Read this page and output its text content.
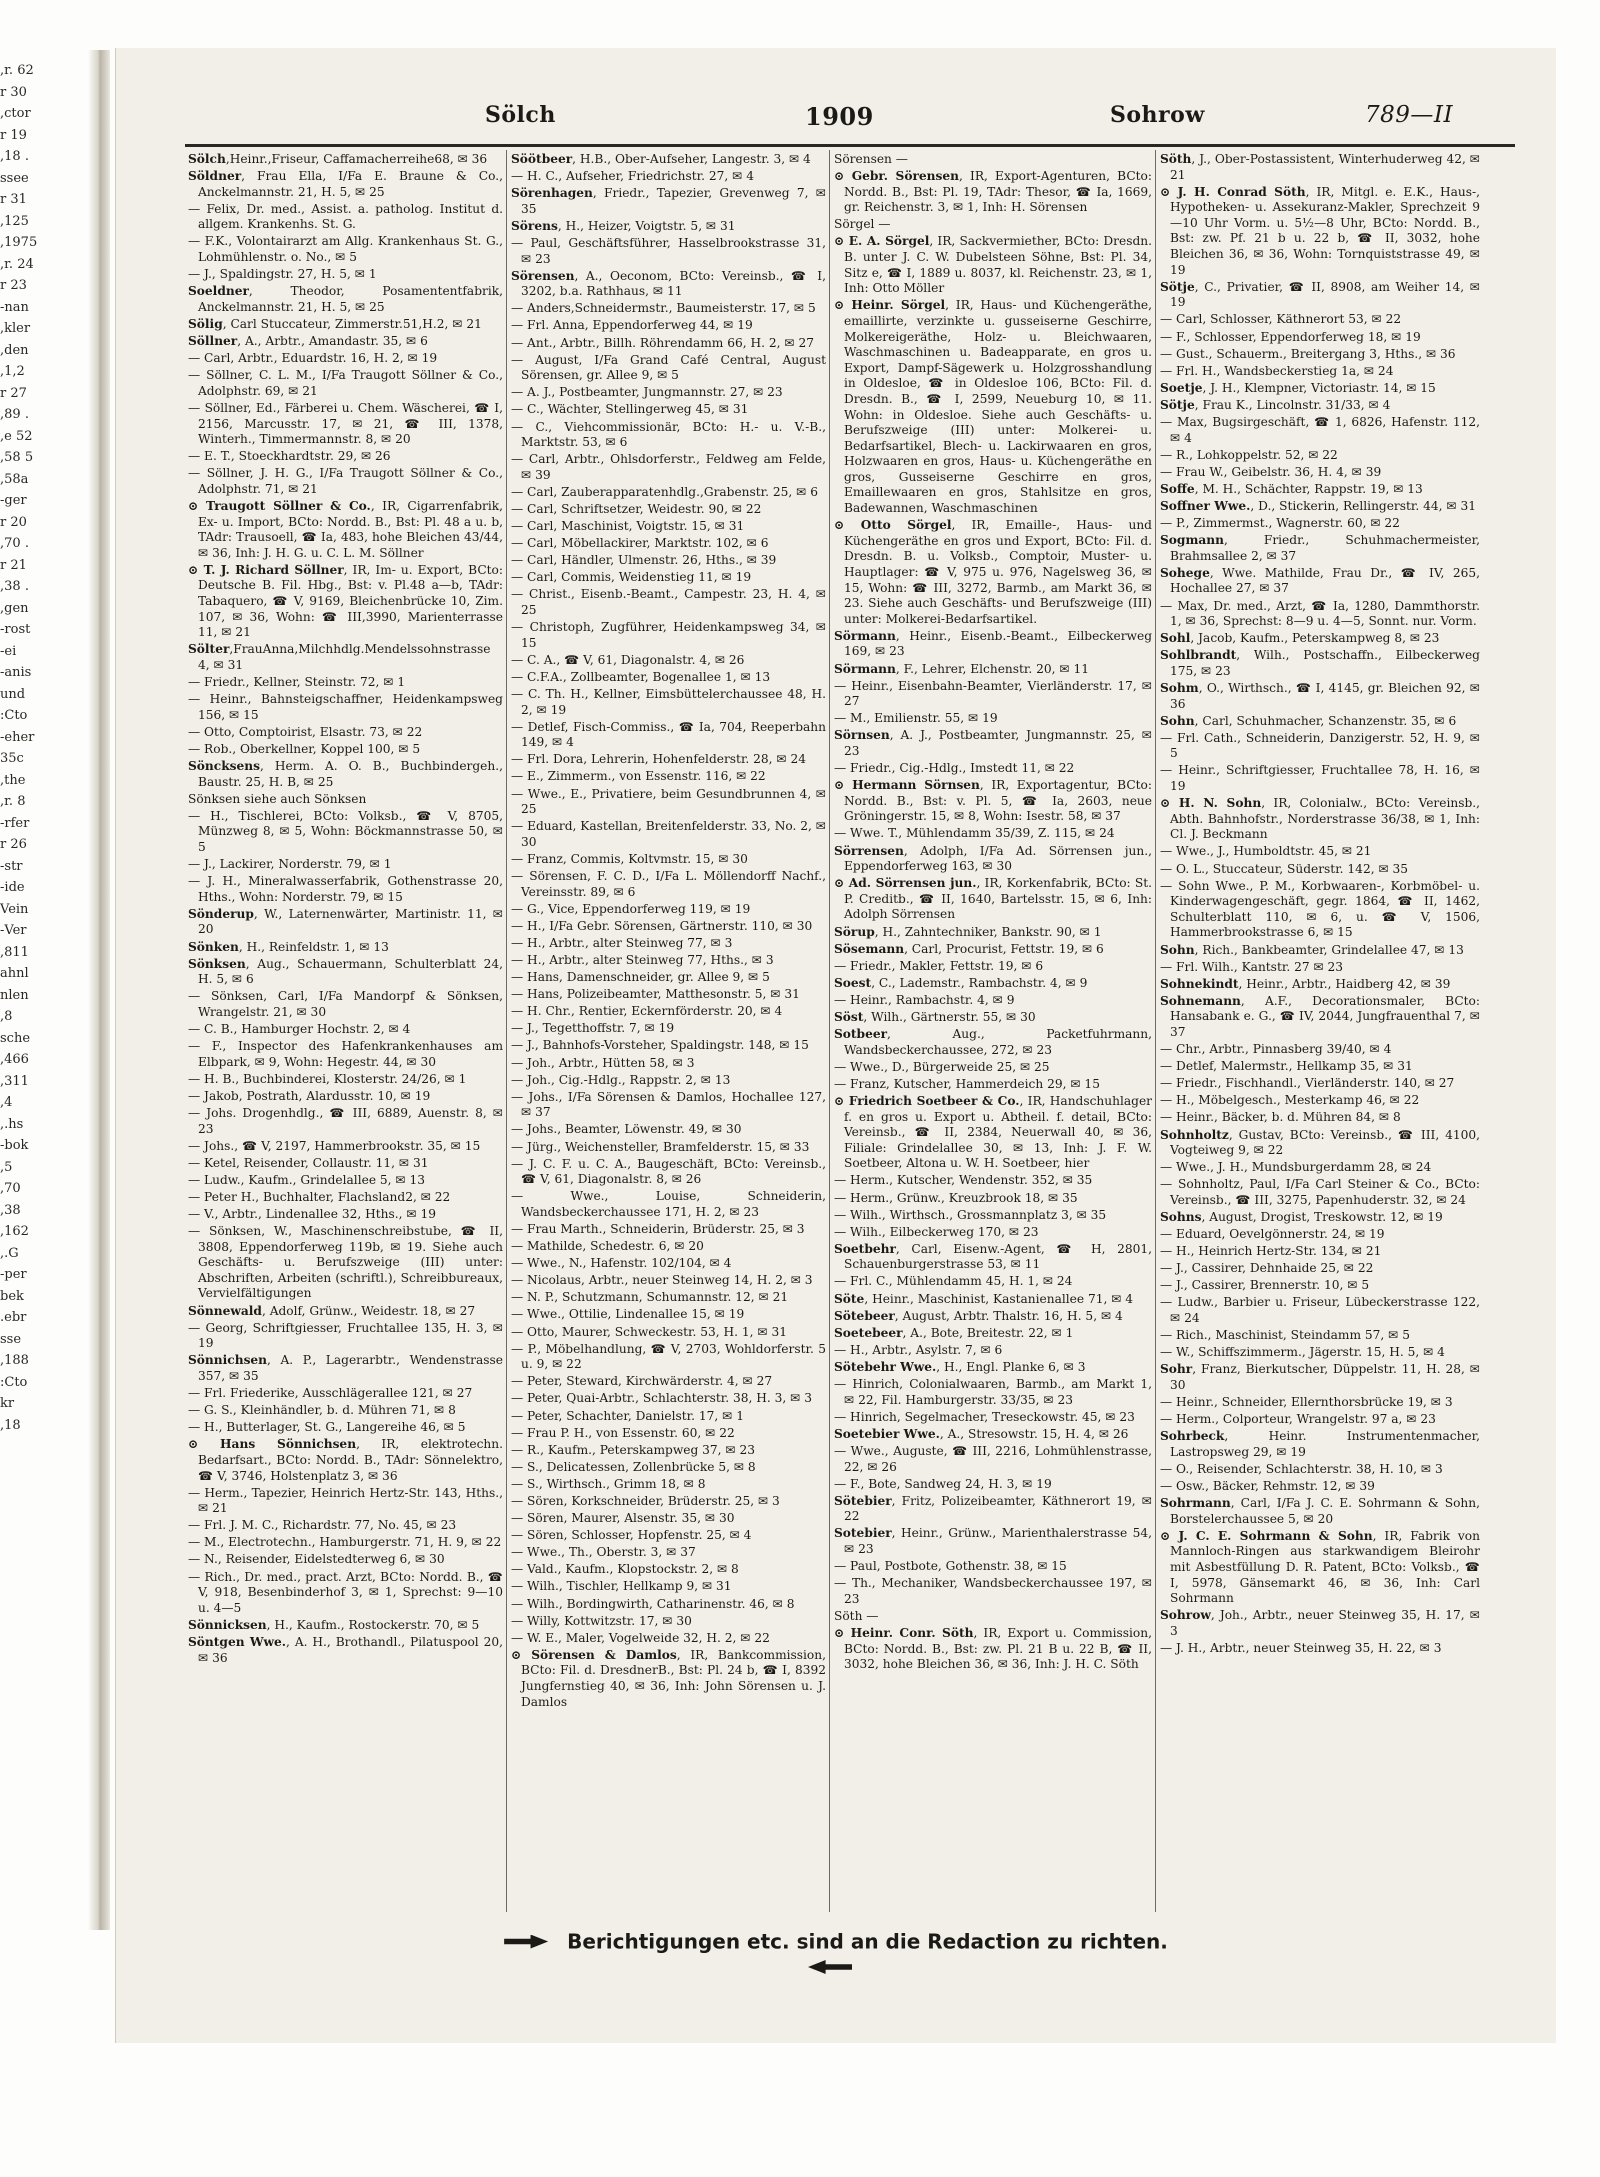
r. 62,
r 30
ctor,
r 19
. 18,
ssee
r 31
125,
1975,
r. 24,
r 23
nan-
kler,
den,
1,2,
r 27
. 89,
e 52,
5 58,
58a,
ger-
r 20
. 70,
r 21
. 38,
gen,
rost-
ei-
anis-
und
Cto:
eher-
35c
the,
r. 8,
rfer-
r 26
str-
ide-
Vein
Ver-
811,
ahnl
nlen
8,
sche
466,
311,
4,
hs.,
bok-
5,
70,
38,
162,
G.,
per-
bek
ebr.
sse
188,
Cto:
kr
18,
Sölch	1909	Sohrow	789—II
Sölch,Heinr.,Friseur, Caffamacherreihe68, ✉ 36
Söldner, Frau Ella, I/Fa E. Braune & Co., Anckelmannstr. 21, H. 5, ✉ 25
— Felix, Dr. med., Assist. a. patholog. Institut d. allgem. Krankenhs. St. G.
— F.K., Volontairarzt am Allg. Krankenhaus St. G., Lohmühlenstr. o. No., ✉ 5
— J., Spaldingstr. 27, H. 5, ✉ 1
Soeldner, Theodor, Posamententfabrik, Anckelmannstr. 21, H. 5, ✉ 25
Sölig, Carl Stuccateur, Zimmerstr.51,H.2, ✉ 21
Söllner, A., Arbtr., Amandastr. 35, ✉ 6
— Carl, Arbtr., Eduardstr. 16, H. 2, ✉ 19
— Söllner, C. L. M., I/Fa Traugott Söllner & Co., Adolphstr. 69, ✉ 21
— Söllner, Ed., Färberei u. Chem. Wäscherei, ☎ I, 2156, Marcusstr. 17, ✉ 21, ☎ III, 1378, Winterh., Timmermannstr. 8, ✉ 20
— E. T., Stoeckhardtstr. 29, ✉ 26
— Söllner, J. H. G., I/Fa Traugott Söllner & Co., Adolphstr. 71, ✉ 21
⊙ Traugott Söllner & Co., IR, Cigarrenfabrik, Ex- u. Import, BCto: Nordd. B., Bst: Pl. 48 a u. b, TAdr: Trausoell, ☎ Ia, 483, hohe Bleichen 43/44, ✉ 36, Inh: J. H. G. u. C. L. M. Söllner
⊙ T. J. Richard Söllner, IR, Im- u. Export, BCto: Deutsche B. Fil. Hbg., Bst: v. Pl.48 a—b, TAdr: Tabaquero, ☎ V, 9169, Bleichenbrücke 10, Zim. 107, ✉ 36, Wohn: ☎ III,3990, Marienterrasse 11, ✉ 21
Sölter,FrauAnna,Milchhdlg.Mendelssohnstrasse 4, ✉ 31
— Friedr., Kellner, Steinstr. 72, ✉ 1
— Heinr., Bahnsteigschaffner, Heidenkampsweg 156, ✉ 15
— Otto, Comptoirist, Elsastr. 73, ✉ 22
— Rob., Oberkellner, Koppel 100, ✉ 5
Söncksens, Herm. A. O. B., Buchbindergeh., Baustr. 25, H. B, ✉ 25
Sönksen siehe auch Sönksen
— H., Tischlerei, BCto: Volksb., ☎ V, 8705, Münzweg 8, ✉ 5, Wohn: Böckmannstrasse 50, ✉ 5
— J., Lackirer, Norderstr. 79, ✉ 1
— J. H., Mineralwasserfabrik, Gothenstrasse 20, Hths., Wohn: Norderstr. 79, ✉ 15
Sönderup, W., Laternenwärter, Martinistr. 11, ✉ 20
Sönken, H., Reinfeldstr. 1, ✉ 13
Sönksen, Aug., Schauermann, Schulterblatt 24, H. 5, ✉ 6
— Sönksen, Carl, I/Fa Mandorpf & Sönksen, Wrangelstr. 21, ✉ 30
— C. B., Hamburger Hochstr. 2, ✉ 4
— F., Inspector des Hafenkrankenhauses am Elbpark, ✉ 9, Wohn: Hegestr. 44, ✉ 30
— H. B., Buchbinderei, Klosterstr. 24/26, ✉ 1
— Jakob, Postrath, Alardusstr. 10, ✉ 19
— Johs. Drogenhdlg., ☎ III, 6889, Auenstr. 8, ✉ 23
— Johs., ☎ V, 2197, Hammerbrookstr. 35, ✉ 15
— Ketel, Reisender, Collaustr. 11, ✉ 31
— Ludw., Kaufm., Grindelallee 5, ✉ 13
— Peter H., Buchhalter, Flachsland2, ✉ 22
— V., Arbtr., Lindenallee 32, Hths., ✉ 19
— Sönksen, W., Maschinenschreibstube, ☎ II, 3808, Eppendorferweg 119b, ✉ 19. Siehe auch Geschäfts- u. Berufszweige (III) unter: Abschriften, Arbeiten (schriftl.), Schreibbureaux, Vervielfältigungen
Sönnewald, Adolf, Grünw., Weidestr. 18, ✉ 27
— Georg, Schriftgiesser, Fruchtallee 135, H. 3, ✉ 19
Sönnichsen, A. P., Lagerarbtr., Wendenstrasse 357, ✉ 35
— Frl. Friederike, Ausschlägerallee 121, ✉ 27
— G. S., Kleinhändler, b. d. Mühren 71, ✉ 8
— H., Butterlager, St. G., Langereihe 46, ✉ 5
⊙ Hans Sönnichsen, IR, elektrotechn. Bedarfsart., BCto: Nordd. B., TAdr: Sönnelektro, ☎ V, 3746, Holstenplatz 3, ✉ 36
— Herm., Tapezier, Heinrich Hertz-Str. 143, Hths., ✉ 21
— Frl. J. M. C., Richardstr. 77, No. 45, ✉ 23
— M., Electrotechn., Hamburgerstr. 71, H. 9, ✉ 22
— N., Reisender, Eidelstedterweg 6, ✉ 30
— Rich., Dr. med., pract. Arzt, BCto: Nordd. B., ☎ V, 918, Besenbinderhof 3, ✉ 1, Sprechst: 9—10 u. 4—5
Sönnicksen, H., Kaufm., Rostockerstr. 70, ✉ 5
Söntgen Wwe., A. H., Brothandl., Pilatuspool 20, ✉ 36
Söötbeer, H.B., Ober-Aufseher, Langestr. 3, ✉ 4
— H. C., Aufseher, Friedrichstr. 27, ✉ 4
Sörenhagen, Friedr., Tapezier, Grevenweg 7, ✉ 35
Sörens, H., Heizer, Voigtstr. 5, ✉ 31
— Paul, Geschäftsführer, Hasselbrookstrasse 31, ✉ 23
Sörensen, A., Oeconom, BCto: Vereinsb., ☎ I, 3202, b.a. Rathhaus, ✉ 11
— Anders,Schneidermstr., Baumeisterstr. 17, ✉ 5
— Frl. Anna, Eppendorferweg 44, ✉ 19
— Ant., Arbtr., Billh. Röhrendamm 66, H. 2, ✉ 27
— August, I/Fa Grand Café Central, August Sörensen, gr. Allee 9, ✉ 5
— A. J., Postbeamter, Jungmannstr. 27, ✉ 23
— C., Wächter, Stellingerweg 45, ✉ 31
— C., Viehcommissionär, BCto: H.- u. V.-B., Marktstr. 53, ✉ 6
— Carl, Arbtr., Ohlsdorferstr., Feldweg am Felde, ✉ 39
— Carl, Zauberapparatenhdlg.,Grabenstr. 25, ✉ 6
— Carl, Schriftsetzer, Weidestr. 90, ✉ 22
— Carl, Maschinist, Voigtstr. 15, ✉ 31
— Carl, Möbellackirer, Marktstr. 102, ✉ 6
— Carl, Händler, Ulmenstr. 26, Hths., ✉ 39
— Carl, Commis, Weidenstieg 11, ✉ 19
— Christ., Eisenb.-Beamt., Campestr. 23, H. 4, ✉ 25
— Christoph, Zugführer, Heidenkampsweg 34, ✉ 15
— C. A., ☎ V, 61, Diagonalstr. 4, ✉ 26
— C.F.A., Zollbeamter, Bogenallee 1, ✉ 13
— C. Th. H., Kellner, Eimsbüttelerchaussee 48, H. 2, ✉ 19
— Detlef, Fisch-Commiss., ☎ Ia, 704, Reeperbahn 149, ✉ 4
— Frl. Dora, Lehrerin, Hohenfelderstr. 28, ✉ 24
— E., Zimmerm., von Essenstr. 116, ✉ 22
— Wwe., E., Privatiere, beim Gesundbrunnen 4, ✉ 25
— Eduard, Kastellan, Breitenfelderstr. 33, No. 2, ✉ 30
— Franz, Commis, Koltvmstr. 15, ✉ 30
— Sörensen, F. C. D., I/Fa L. Möllendorff Nachf., Vereinsstr. 89, ✉ 6
— G., Vice, Eppendorferweg 119, ✉ 19
— H., I/Fa Gebr. Sörensen, Gärtnerstr. 110, ✉ 30
— H., Arbtr., alter Steinweg 77, ✉ 3
— H., Arbtr., alter Steinweg 77, Hths., ✉ 3
— Hans, Damenschneider, gr. Allee 9, ✉ 5
— Hans, Polizeibeamter, Matthesonstr. 5, ✉ 31
— H. Chr., Rentier, Eckernförderstr. 20, ✉ 4
— J., Tegetthoffstr. 7, ✉ 19
— J., Bahnhofs-Vorsteher, Spaldingstr. 148, ✉ 15
— Joh., Arbtr., Hütten 58, ✉ 3
— Joh., Cig.-Hdlg., Rappstr. 2, ✉ 13
— Johs., I/Fa Sörensen & Damlos, Hochallee 127, ✉ 37
— Johs., Beamter, Löwenstr. 49, ✉ 30
— Jürg., Weichensteller, Bramfelderstr. 15, ✉ 33
— J. C. F. u. C. A., Baugeschäft, BCto: Vereinsb., ☎ V, 61, Diagonalstr. 8, ✉ 26
— Wwe., Louise, Schneiderin, Wandsbeckerchaussee 171, H. 2, ✉ 23
— Frau Marth., Schneiderin, Brüderstr. 25, ✉ 3
— Mathilde, Schedestr. 6, ✉ 20
— Wwe., N., Hafenstr. 102/104, ✉ 4
— Nicolaus, Arbtr., neuer Steinweg 14, H. 2, ✉ 3
— N. P., Schutzmann, Schumannstr. 12, ✉ 21
— Wwe., Ottilie, Lindenallee 15, ✉ 19
— Otto, Maurer, Schweckestr. 53, H. 1, ✉ 31
— P., Möbelhandlung, ☎ V, 2703, Wohldorferstr. 5 u. 9, ✉ 22
— Peter, Steward, Kirchwärderstr. 4, ✉ 27
— Peter, Quai-Arbtr., Schlachterstr. 38, H. 3, ✉ 3
— Peter, Schachter, Danielstr. 17, ✉ 1
— Frau P. H., von Essenstr. 60, ✉ 22
— R., Kaufm., Peterskampweg 37, ✉ 23
— S., Delicatessen, Zollenbrücke 5, ✉ 8
— S., Wirthsch., Grimm 18, ✉ 8
— Sören, Korkschneider, Brüderstr. 25, ✉ 3
— Sören, Maurer, Alsenstr. 35, ✉ 30
— Sören, Schlosser, Hopfenstr. 25, ✉ 4
— Wwe., Th., Oberstr. 3, ✉ 37
— Vald., Kaufm., Klopstockstr. 2, ✉ 8
— Wilh., Tischler, Hellkamp 9, ✉ 31
— Wilh., Bordingwirth, Catharinenstr. 46, ✉ 8
— Willy, Kottwitzstr. 17, ✉ 30
— W. E., Maler, Vogelweide 32, H. 2, ✉ 22
⊙ Sörensen & Damlos, IR, Bankcommission, BCto: Fil. d. DresdnerB., Bst: Pl. 24 b, ☎ I, 8392 Jungfernstieg 40, ✉ 36, Inh: John Sörensen u. J. Damlos
Sörensen —
⊙ Gebr. Sörensen, IR, Export-Agenturen, BCto: Nordd. B., Bst: Pl. 19, TAdr: Thesor, ☎ Ia, 1669, gr. Reichenstr. 3, ✉ 1, Inh: H. Sörensen
Sörgel —
⊙ E. A. Sörgel, IR, Sackvermiether, BCto: Dresdn. B. unter J. C. W. Dubelsteen Söhne, Bst: Pl. 34, Sitz e, ☎ I, 1889 u. 8037, kl. Reichenstr. 23, ✉ 1, Inh: Otto Möller
⊙ Heinr. Sörgel, IR, Haus- und Küchengeräthe, emaillirte, verzinkte u. gusseiserne Geschirre, Molkereigeräthe, Holz- u. Bleichwaaren, Waschmaschinen u. Badeapparate, en gros u. Export, Dampf-Sägewerk u. Holzgrosshandlung in Oldesloe, ☎ in Oldesloe 106, BCto: Fil. d. Dresdn. B., ☎ I, 2599, Neueburg 10, ✉ 11. Wohn: in Oldesloe. Siehe auch Geschäfts- u. Berufszweige (III) unter: Molkerei- u. Bedarfsartikel, Blech- u. Lackirwaaren en gros, Holzwaaren en gros, Haus- u. Küchengeräthe en gros, Gusseiserne Geschirre en gros, Emaillewaaren en gros, Stahlsitze en gros, Badewannen, Waschmaschinen
⊙ Otto Sörgel, IR, Emaille-, Haus- und Küchengeräthe en gros und Export, BCto: Fil. d. Dresdn. B. u. Volksb., Comptoir, Muster- u. Hauptlager: ☎ V, 975 u. 976, Nagelsweg 36, ✉ 15, Wohn: ☎ III, 3272, Barmb., am Markt 36, ✉ 23. Siehe auch Geschäfts- und Berufszweige (III) unter: Molkerei-Bedarfsartikel.
Sörmann, Heinr., Eisenb.-Beamt., Eilbeckerweg 169, ✉ 23
Sörmann, F., Lehrer, Elchenstr. 20, ✉ 11
— Heinr., Eisenbahn-Beamter, Vierländerstr. 17, ✉ 27
— M., Emilienstr. 55, ✉ 19
Sörnsen, A. J., Postbeamter, Jungmannstr. 25, ✉ 23
— Friedr., Cig.-Hdlg., Imstedt 11, ✉ 22
⊙ Hermann Sörnsen, IR, Exportagentur, BCto: Nordd. B., Bst: v. Pl. 5, ☎ Ia, 2603, neue Gröningerstr. 15, ✉ 8, Wohn: Isestr. 58, ✉ 37
— Wwe. T., Mühlendamm 35/39, Z. 115, ✉ 24
Sörrensen, Adolph, I/Fa Ad. Sörrensen jun., Eppendorferweg 163, ✉ 30
⊙ Ad. Sörrensen jun., IR, Korkenfabrik, BCto: St. P. Creditb., ☎ II, 1640, Bartelsstr. 15, ✉ 6, Inh: Adolph Sörrensen
Sörup, H., Zahntechniker, Bankstr. 90, ✉ 1
Sösemann, Carl, Procurist, Fettstr. 19, ✉ 6
— Friedr., Makler, Fettstr. 19, ✉ 6
Soest, C., Lademstr., Rambachstr. 4, ✉ 9
— Heinr., Rambachstr. 4, ✉ 9
Söst, Wilh., Gärtnerstr. 55, ✉ 30
Sotbeer, Aug., Packetfuhrmann, Wandsbeckerchaussee, 272, ✉ 23
— Wwe., D., Bürgerweide 25, ✉ 25
— Franz, Kutscher, Hammerdeich 29, ✉ 15
⊙ Friedrich Soetbeer & Co., IR, Handschuhlager f. en gros u. Export u. Abtheil. f. detail, BCto: Vereinsb., ☎ II, 2384, Neuerwall 40, ✉ 36, Filiale: Grindelallee 30, ✉ 13, Inh: J. F. W. Soetbeer, Altona u. W. H. Soetbeer, hier
— Herm., Kutscher, Wendenstr. 352, ✉ 35
— Herm., Grünw., Kreuzbrook 18, ✉ 35
— Wilh., Wirthsch., Grossmannplatz 3, ✉ 35
— Wilh., Eilbeckerweg 170, ✉ 23
Soetbehr, Carl, Eisenw.-Agent, ☎ H, 2801, Schauenburgerstrasse 53, ✉ 11
— Frl. C., Mühlendamm 45, H. 1, ✉ 24
Söte, Heinr., Maschinist, Kastanienallee 71, ✉ 4
Sötebeer, August, Arbtr. Thalstr. 16, H. 5, ✉ 4
Soetebeer, A., Bote, Breitestr. 22, ✉ 1
— H., Arbtr., Asylstr. 7, ✉ 6
Sötebehr Wwe., H., Engl. Planke 6, ✉ 3
— Hinrich, Colonialwaaren, Barmb., am Markt 1, ✉ 22, Fil. Hamburgerstr. 33/35, ✉ 23
— Hinrich, Segelmacher, Treseckowstr. 45, ✉ 23
Soetebier Wwe., A., Stresowstr. 15, H. 4, ✉ 26
— Wwe., Auguste, ☎ III, 2216, Lohmühlenstrasse, 22, ✉ 26
— F., Bote, Sandweg 24, H. 3, ✉ 19
Sötebier, Fritz, Polizeibeamter, Käthnerort 19, ✉ 22
Sotebier, Heinr., Grünw., Marienthalerstrasse 54, ✉ 23
— Paul, Postbote, Gothenstr. 38, ✉ 15
— Th., Mechaniker, Wandsbeckerchaussee 197, ✉ 23
Söth —
⊙ Heinr. Conr. Söth, IR, Export u. Commission, BCto: Nordd. B., Bst: zw. Pl. 21 B u. 22 B, ☎ II, 3032, hohe Bleichen 36, ✉ 36, Inh: J. H. C. Söth
Söth, J., Ober-Postassistent, Winterhuderweg 42, ✉ 21
⊙ J. H. Conrad Söth, IR, Mitgl. e. E.K., Haus-, Hypotheken- u. Assekuranz-Makler, Sprechzeit 9—10 Uhr Vorm. u. 5½—8 Uhr, BCto: Nordd. B., Bst: zw. Pf. 21 b u. 22 b, ☎ II, 3032, hohe Bleichen 36, ✉ 36, Wohn: Tornquiststrasse 49, ✉ 19
Sötje, C., Privatier, ☎ II, 8908, am Weiher 14, ✉ 19
— Carl, Schlosser, Käthnerort 53, ✉ 22
— F., Schlosser, Eppendorferweg 18, ✉ 19
— Gust., Schauerm., Breitergang 3, Hths., ✉ 36
— Frl. H., Wandsbeckerstieg 1a, ✉ 24
Soetje, J. H., Klempner, Victoriastr. 14, ✉ 15
Sötje, Frau K., Lincolnstr. 31/33, ✉ 4
— Max, Bugsirgeschäft, ☎ 1, 6826, Hafenstr. 112, ✉ 4
— R., Lohkoppelstr. 52, ✉ 22
— Frau W., Geibelstr. 36, H. 4, ✉ 39
Soffe, M. H., Schächter, Rappstr. 19, ✉ 13
Soffner Wwe., D., Stickerin, Rellingerstr. 44, ✉ 31
— P., Zimmermst., Wagnerstr. 60, ✉ 22
Sogmann, Friedr., Schuhmachermeister, Brahmsallee 2, ✉ 37
Sohege, Wwe. Mathilde, Frau Dr., ☎ IV, 265, Hochallee 27, ✉ 37
— Max, Dr. med., Arzt, ☎ Ia, 1280, Dammthorstr. 1, ✉ 36, Sprechst: 8—9 u. 4—5, Sonnt. nur. Vorm.
Sohl, Jacob, Kaufm., Peterskampweg 8, ✉ 23
Sohlbrandt, Wilh., Postschaffn., Eilbeckerweg 175, ✉ 23
Sohm, O., Wirthsch., ☎ I, 4145, gr. Bleichen 92, ✉ 36
Sohn, Carl, Schuhmacher, Schanzenstr. 35, ✉ 6
— Frl. Cath., Schneiderin, Danzigerstr. 52, H. 9, ✉ 5
— Heinr., Schriftgiesser, Fruchtallee 78, H. 16, ✉ 19
⊙ H. N. Sohn, IR, Colonialw., BCto: Vereinsb., Abth. Bahnhofstr., Norderstrasse 36/38, ✉ 1, Inh: Cl. J. Beckmann
— Wwe., J., Humboldtstr. 45, ✉ 21
— O. L., Stuccateur, Süderstr. 142, ✉ 35
— Sohn Wwe., P. M., Korbwaaren-, Korbmöbel- u. Kinderwagengeschäft, gegr. 1864, ☎ II, 1462, Schulterblatt 110, ✉ 6, u. ☎ V, 1506, Hammerbrookstrasse 6, ✉ 15
Sohn, Rich., Bankbeamter, Grindelallee 47, ✉ 13
— Frl. Wilh., Kantstr. 27 ✉ 23
Sohnekindt, Heinr., Arbtr., Haidberg 42, ✉ 39
Sohnemann, A.F., Decorationsmaler, BCto: Hansabank e. G., ☎ IV, 2044, Jungfrauenthal 7, ✉ 37
— Chr., Arbtr., Pinnasberg 39/40, ✉ 4
— Detlef, Malermstr., Hellkamp 35, ✉ 31
— Friedr., Fischhandl., Vierländerstr. 140, ✉ 27
— H., Möbelgesch., Mesterkamp 46, ✉ 22
— Heinr., Bäcker, b. d. Mühren 84, ✉ 8
Sohnholtz, Gustav, BCto: Vereinsb., ☎ III, 4100, Vogteiweg 9, ✉ 22
— Wwe., J. H., Mundsburgerdamm 28, ✉ 24
— Sohnholtz, Paul, I/Fa Carl Steiner & Co., BCto: Vereinsb., ☎ III, 3275, Papenhuderstr. 32, ✉ 24
Sohns, August, Drogist, Treskowstr. 12, ✉ 19
— Eduard, Oevelgönnerstr. 24, ✉ 19
— H., Heinrich Hertz-Str. 134, ✉ 21
— J., Cassirer, Dehnhaide 25, ✉ 22
— J., Cassirer, Brennerstr. 10, ✉ 5
— Ludw., Barbier u. Friseur, Lübeckerstrasse 122, ✉ 24
— Rich., Maschinist, Steindamm 57, ✉ 5
— W., Schiffszimmerm., Jägerstr. 15, H. 5, ✉ 4
Sohr, Franz, Bierkutscher, Düppelstr. 11, H. 28, ✉ 30
— Heinr., Schneider, Ellernthorsbrücke 19, ✉ 3
— Herm., Colporteur, Wrangelstr. 97 a, ✉ 23
Sohrbeck, Heinr. Instrumentenmacher, Lastropsweg 29, ✉ 19
— O., Reisender, Schlachterstr. 38, H. 10, ✉ 3
— Osw., Bäcker, Rehmstr. 12, ✉ 39
Sohrmann, Carl, I/Fa J. C. E. Sohrmann & Sohn, Borstelerchaussee 5, ✉ 20
⊙ J. C. E. Sohrmann & Sohn, IR, Fabrik von Mannloch-Ringen aus starkwandigem Bleirohr mit Asbestfüllung D. R. Patent, BCto: Volksb., ☎ I, 5978, Gänsemarkt 46, ✉ 36, Inh: Carl Sohrmann
Sohrow, Joh., Arbtr., neuer Steinweg 35, H. 17, ✉ 3
— J. H., Arbtr., neuer Steinweg 35, H. 22, ✉ 3
Berichtigungen etc. sind an die Redaction zu richten.
